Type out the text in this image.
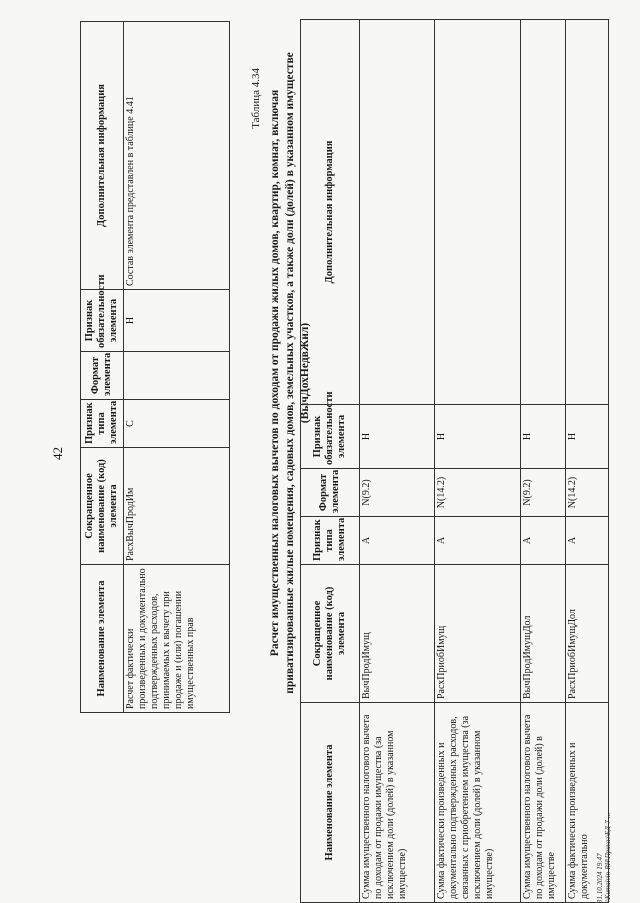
42
Наименование элемента	Сокращенное наименование (код) элемента	Признак типа элемента	Формат элемента	Признак обязательности элемента	Дополнительная информация
Расчет фактически произведенных и документально подтвержденных расходов, принимаемых к вычету при продаже и (или) погашении имущественных прав	РасхВычПродИм	С		Н	Состав элемента представлен в таблице 4.41	Таблица 4.34 Расчет имущественных налоговых вычетов по доходам от продажи жилых домов, квартир, комнат, включая приватизированные жилые помещения, садовых домов, земельных участков, а также доли (долей) в указанном имуществе (ВычДохНедвЖил)
Наименование элемента	Сокращенное наименование (код) элемента	Признак типа элемента	Формат элемента	Признак обязательности элемента	Дополнительная информация
Сумма имущественного налогового вычета по доходам от продажи имущества (за исключением доли (долей) в указанном имуществе)	ВычПродИмущ	А	N(9.2)	Н	
Сумма фактически произведенных и документально подтвержденных расходов, связанных с приобретением имущества (за исключением доли (долей) в указанном имуществе)	РасхПриобИмущ	А	N(14.2)	Н	
Сумма имущественного налогового вычета по доходам от продажи доли (долей) в имуществе	ВычПродИмущДол	А	N(9.2)	Н	
Сумма фактически произведенных и документально	РасхПриобИмущДол	А	N(14.2)	Н	
31.10.2024 19:47 \\Kumaivin-RH\Приказ\ЕД-7-...
